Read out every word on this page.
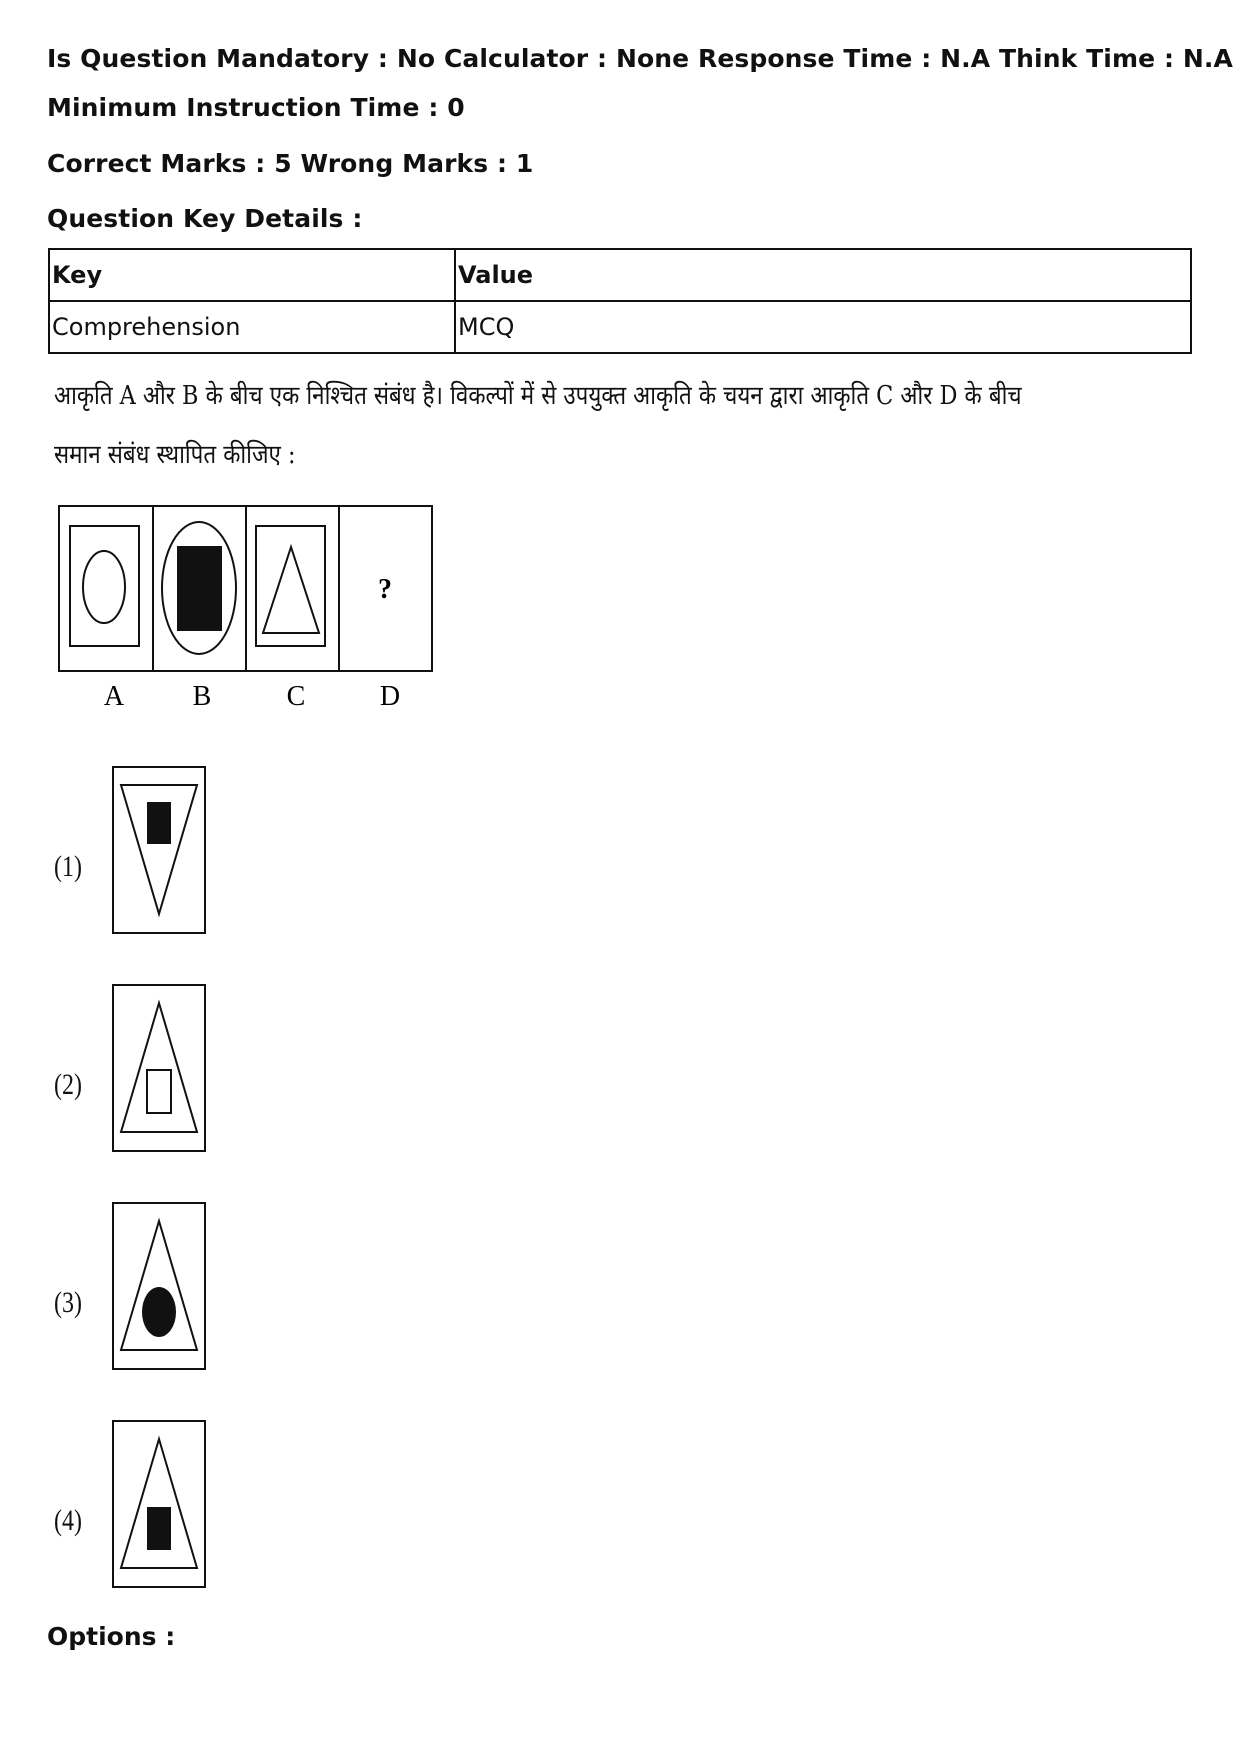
Is Question Mandatory : No Calculator : None Response Time : N.A Think Time : N.A
Minimum Instruction Time : 0
Correct Marks : 5 Wrong Marks : 1
Question Key Details :
Key	Value
Comprehension	MCQ
आकृति A और B के बीच एक निश्चित संबंध है। विकल्पों में से उपयुक्त आकृति के चयन द्वारा आकृति C और D के बीच
समान संबंध स्थापित कीजिए :
?
A B	C	D
(1)
(2)
(3)
(4)
Options :
